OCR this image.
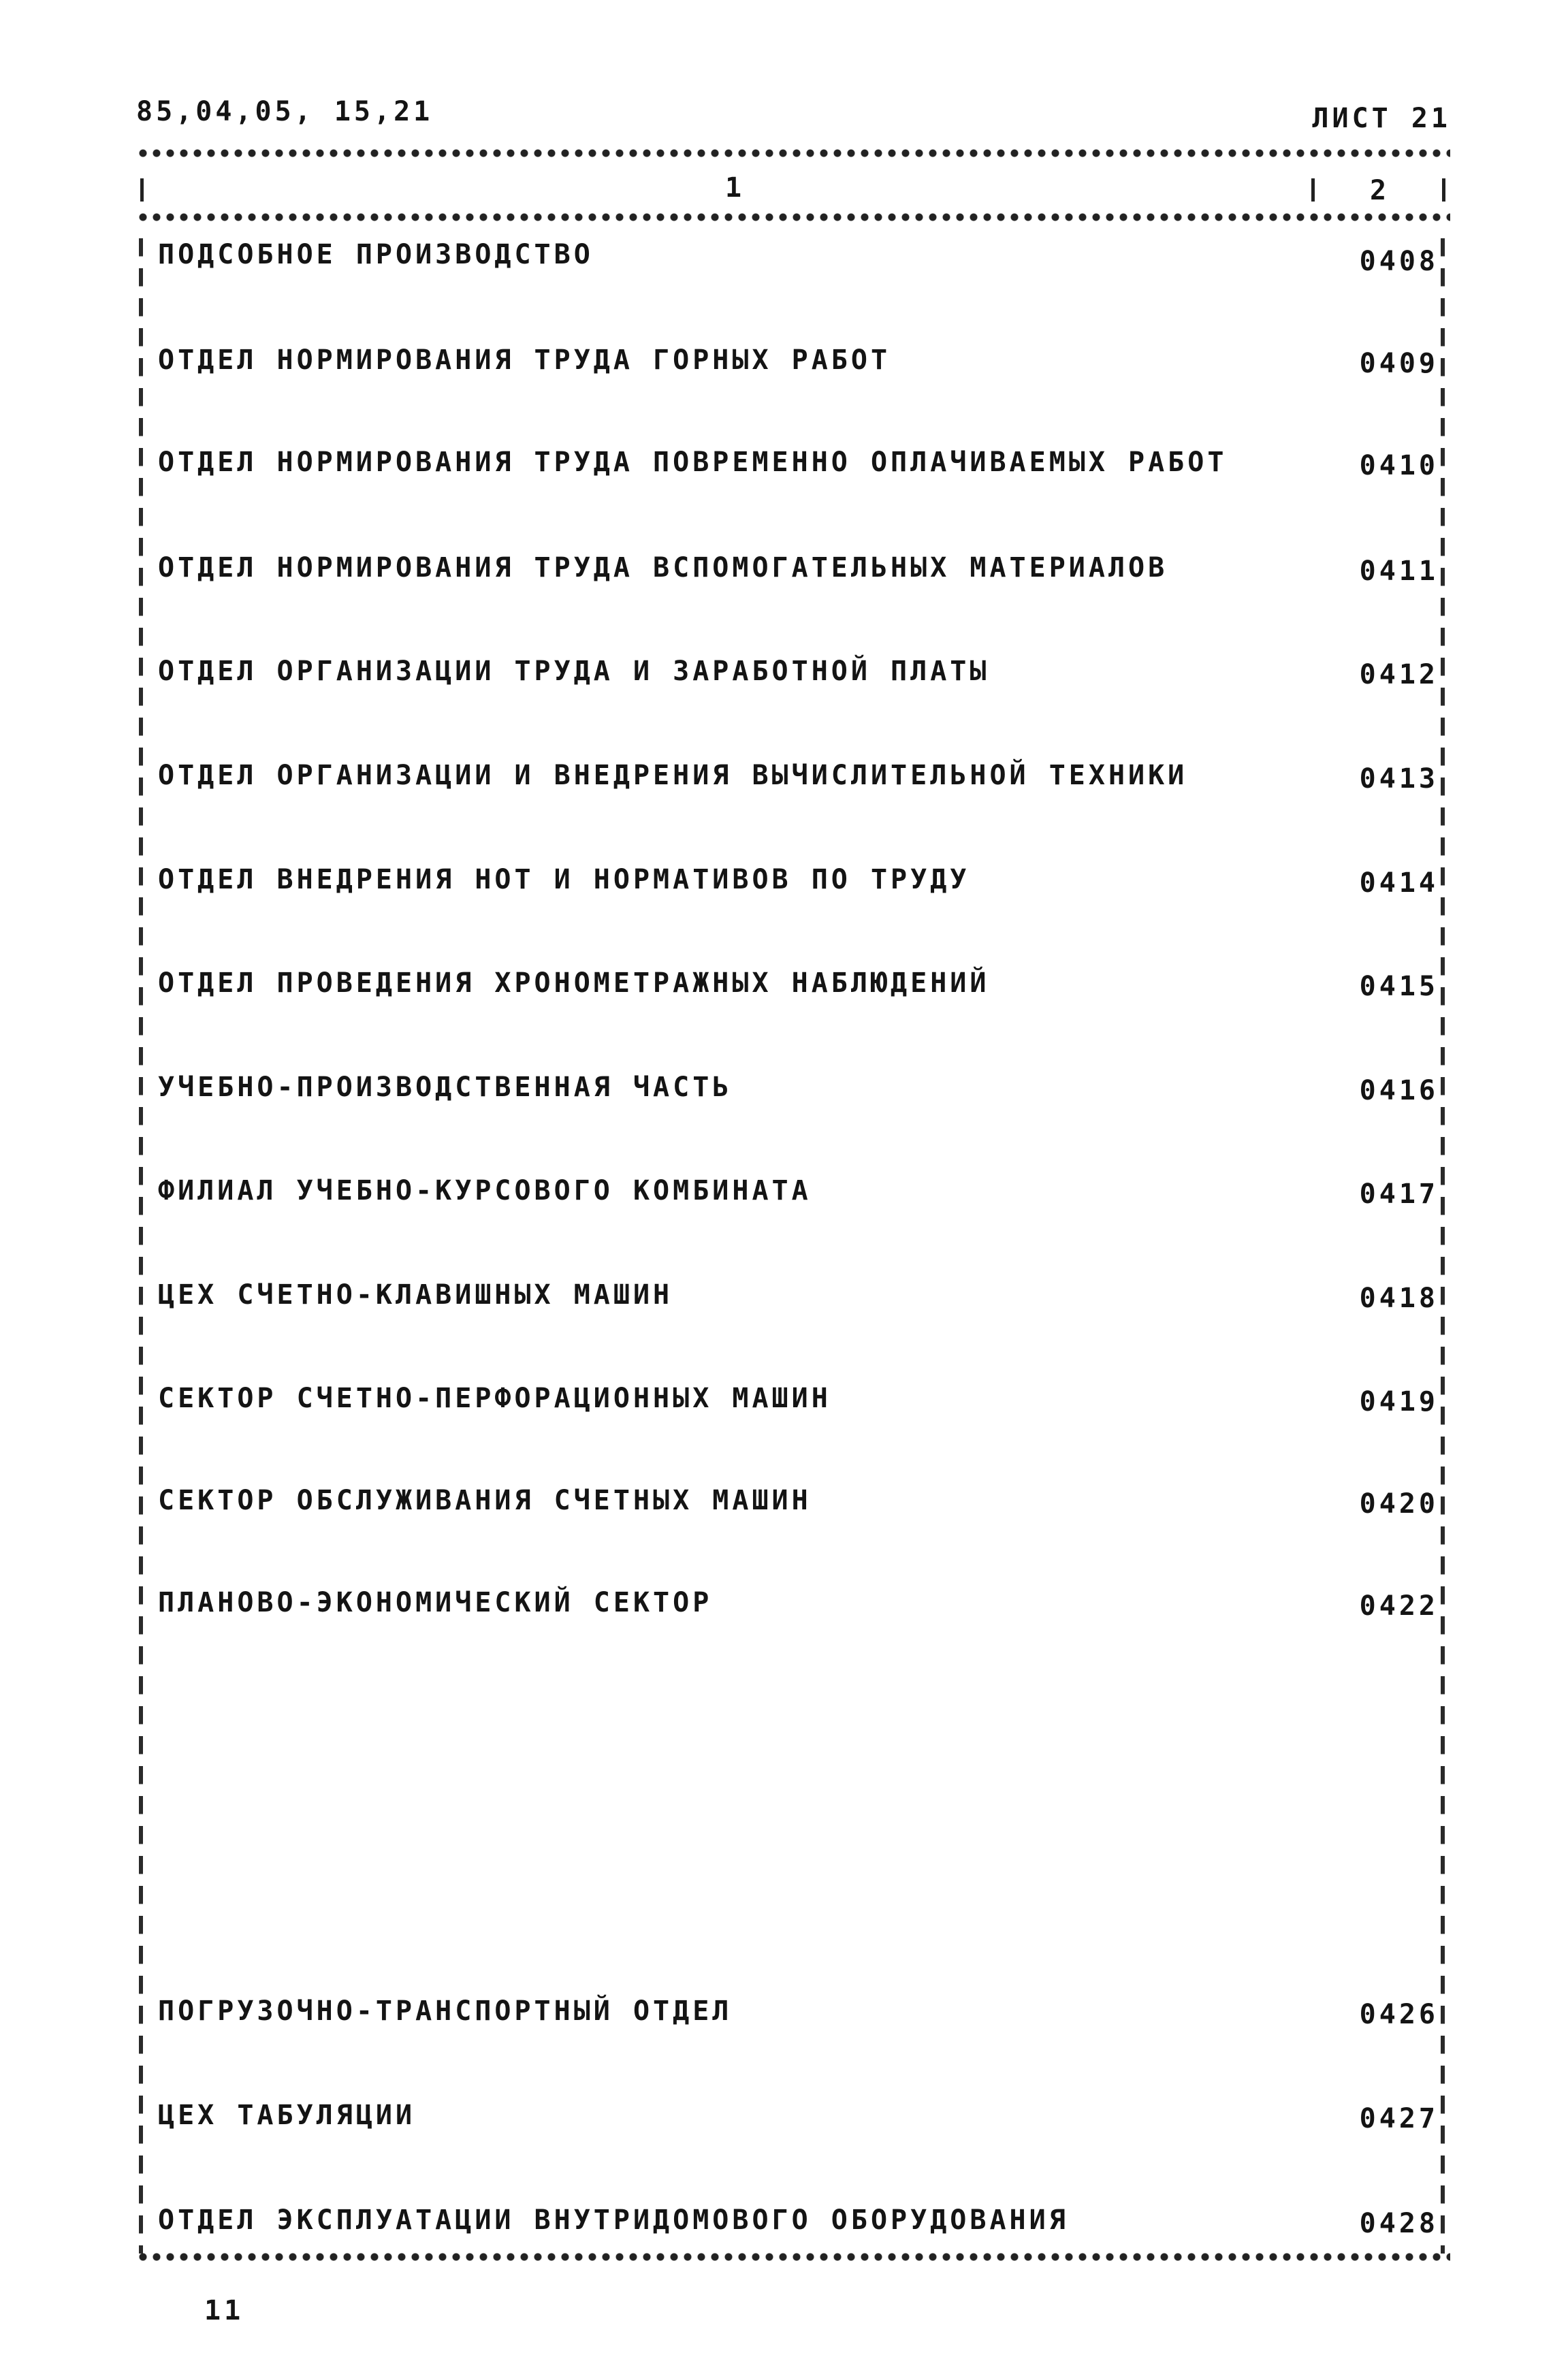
85,04,05, 15,21	ЛИСТ 21
1	2
ПОДСОБНОЕ ПРОИЗВОДСТВО	0408
ОТДЕЛ НОРМИРОВАНИЯ ТРУДА ГОРНЫХ РАБОТ	0409
ОТДЕЛ НОРМИРОВАНИЯ ТРУДА ПОВРЕМЕННО ОПЛАЧИВАЕМЫХ РАБОТ	0410
ОТДЕЛ НОРМИРОВАНИЯ ТРУДА ВСПОМОГАТЕЛЬНЫХ МАТЕРИАЛОВ	0411
ОТДЕЛ ОРГАНИЗАЦИИ ТРУДА И ЗАРАБОТНОЙ ПЛАТЫ	0412
ОТДЕЛ ОРГАНИЗАЦИИ И ВНЕДРЕНИЯ ВЫЧИСЛИТЕЛЬНОЙ ТЕХНИКИ	0413
ОТДЕЛ ВНЕДРЕНИЯ НОТ И НОРМАТИВОВ ПО ТРУДУ	0414
ОТДЕЛ ПРОВЕДЕНИЯ ХРОНОМЕТРАЖНЫХ НАБЛЮДЕНИЙ	0415
УЧЕБНО-ПРОИЗВОДСТВЕННАЯ ЧАСТЬ	0416
ФИЛИАЛ УЧЕБНО-КУРСОВОГО КОМБИНАТА	0417
ЦЕХ СЧЕТНО-КЛАВИШНЫХ МАШИН	0418
СЕКТОР СЧЕТНО-ПЕРФОРАЦИОННЫХ МАШИН	0419
СЕКТОР ОБСЛУЖИВАНИЯ СЧЕТНЫХ МАШИН	0420
ПЛАНОВО-ЭКОНОМИЧЕСКИЙ СЕКТОР	0422
ПОГРУЗОЧНО-ТРАНСПОРТНЫЙ ОТДЕЛ	0426
ЦЕХ ТАБУЛЯЦИИ	0427
ОТДЕЛ ЭКСПЛУАТАЦИИ ВНУТРИДОМОВОГО ОБОРУДОВАНИЯ	0428
11
